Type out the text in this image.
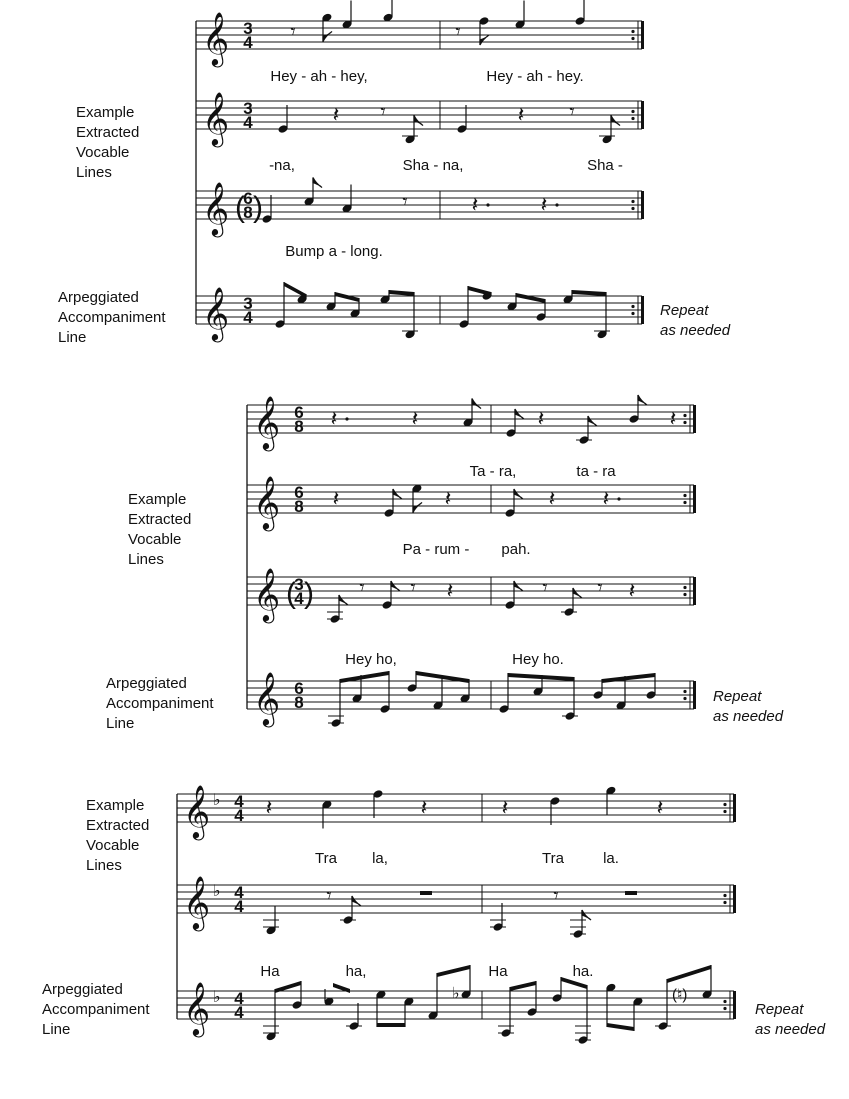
Example
Extracted
Vocable
Lines
Arpeggiated
Accompaniment
Line
Repeat
as needed
Example
Extracted
Vocable
Lines
Arpeggiated
Accompaniment
Line
Repeat
as needed
Example
Extracted
Vocable
Lines
Arpeggiated
Accompaniment
Line
Repeat
as needed
𝄞 3
4
𝄞 3
4
𝄞 6
8
( )
𝄞 3
4
𝄾	𝄾
Hey - ah - hey,	Hey - ah - hey.
𝄽 𝄾	𝄽 𝄾
-na,	Sha - na,	Sha -
𝄾	𝄽	𝄽
Bump a - long.
𝄞 6
8
𝄞 6
8
𝄞 3
4
( )
𝄞 6
8
𝄽	𝄽	𝄽	𝄽
Ta - ra,	ta - ra
𝄽	𝄽	𝄽 𝄽
Pa - rum - pah.
𝄾 𝄾 𝄽	𝄾 𝄾 𝄽
Hey ho,	Hey ho.
𝄞 ♭ 4
4
𝄞 ♭ 4
4
𝄞 ♭ 4
4
𝄽	𝄽	𝄽	𝄽
Tra la,	Tra	la.
𝄾	𝄾
Ha	ha,	Ha	ha.
♭	(♮)
